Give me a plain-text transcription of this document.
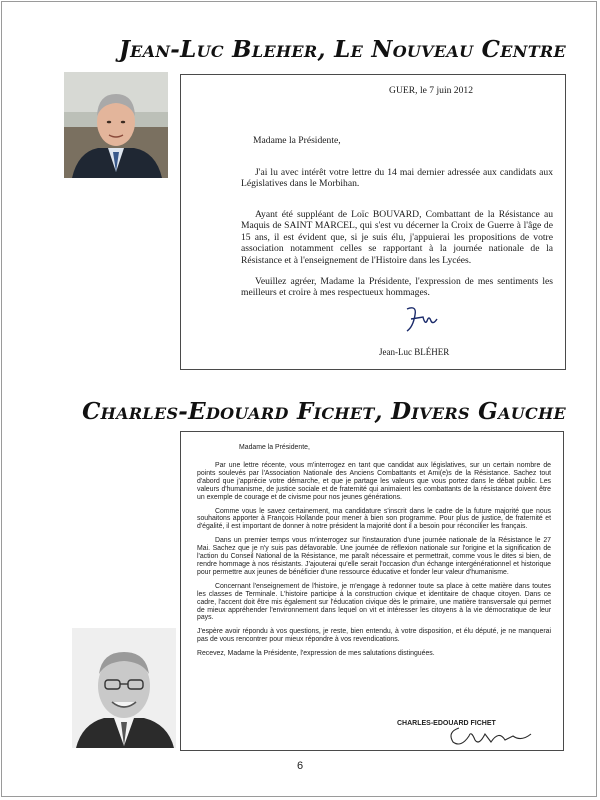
Jean-Luc Bleher, Le Nouveau Centre
GUER, le 7 juin 2012
Madame la Présidente,
J'ai lu avec intérêt votre lettre du 14 mai dernier adressée aux candidats aux Législatives dans le Morbihan.
Ayant été suppléant de Loïc BOUVARD, Combattant de la Résistance au Maquis de SAINT MARCEL, qui s'est vu décerner la Croix de Guerre à l'âge de 15 ans, il est évident que, si je suis élu, j'appuierai les propositions de votre association notamment celles se rapportant à la journée nationale de la Résistance et à l'enseignement de l'Histoire dans les Lycées.
Veuillez agréer, Madame la Présidente, l'expression de mes sentiments les meilleurs et croire à mes respectueux hommages.
Jean-Luc BLÉHER
Charles-Edouard Fichet, Divers Gauche
Madame la Présidente,

Par une lettre récente, vous m'interrogez en tant que candidat aux législatives, sur un certain nombre de points soulevés par l'Association Nationale des Anciens Combattants et Ami(e)s de la Résistance. Sachez tout d'abord que j'apprécie votre démarche, et que je partage les valeurs que vous portez dans le débat public. Les valeurs d'humanisme, de justice sociale et de fraternité qui animaient les combattants de la résistance doivent être un exemple de courage et de civisme pour nos jeunes générations.

Comme vous le savez certainement, ma candidature s'inscrit dans le cadre de la future majorité que nous souhaitons apporter à François Hollande pour mener à bien son programme. Pour plus de justice, de fraternité et d'égalité, il est important de donner à notre président la majorité dont il a besoin pour réconcilier les français.

Dans un premier temps vous m'interrogez sur l'instauration d'une journée nationale de la Résistance le 27 Mai. Sachez que je n'y suis pas défavorable. Une journée de réflexion nationale sur l'origine et la signification de l'action du Conseil National de la Résistance, me paraît nécessaire et permettrait, comme vous le dites si bien, de rendre hommage à nos résistants. J'ajouterai qu'elle serait l'occasion d'un échange intergénérationnel et historique pour permettre aux jeunes de bénéficier d'une ressource éducative et fonder leur valeur d'humanisme.

Concernant l'enseignement de l'histoire, je m'engage à redonner toute sa place à cette matière dans toutes les classes de Terminale. L'histoire participe à la construction civique et identitaire de chaque citoyen. Dans ce cadre, l'accent doit être mis également sur l'éducation civique dès le primaire, une matière transversale qui permet de mieux appréhender l'environnement dans lequel on vit et intéresser les citoyens à la vie démocratique de leur pays.

J'espère avoir répondu à vos questions, je reste, bien entendu, à votre disposition, et élu député, je ne manquerai pas de vous rencontrer pour mieux répondre à vos revendications.

Recevez, Madame la Présidente, l'expression de mes salutations distinguées.

CHARLES-EDOUARD FICHET
6
